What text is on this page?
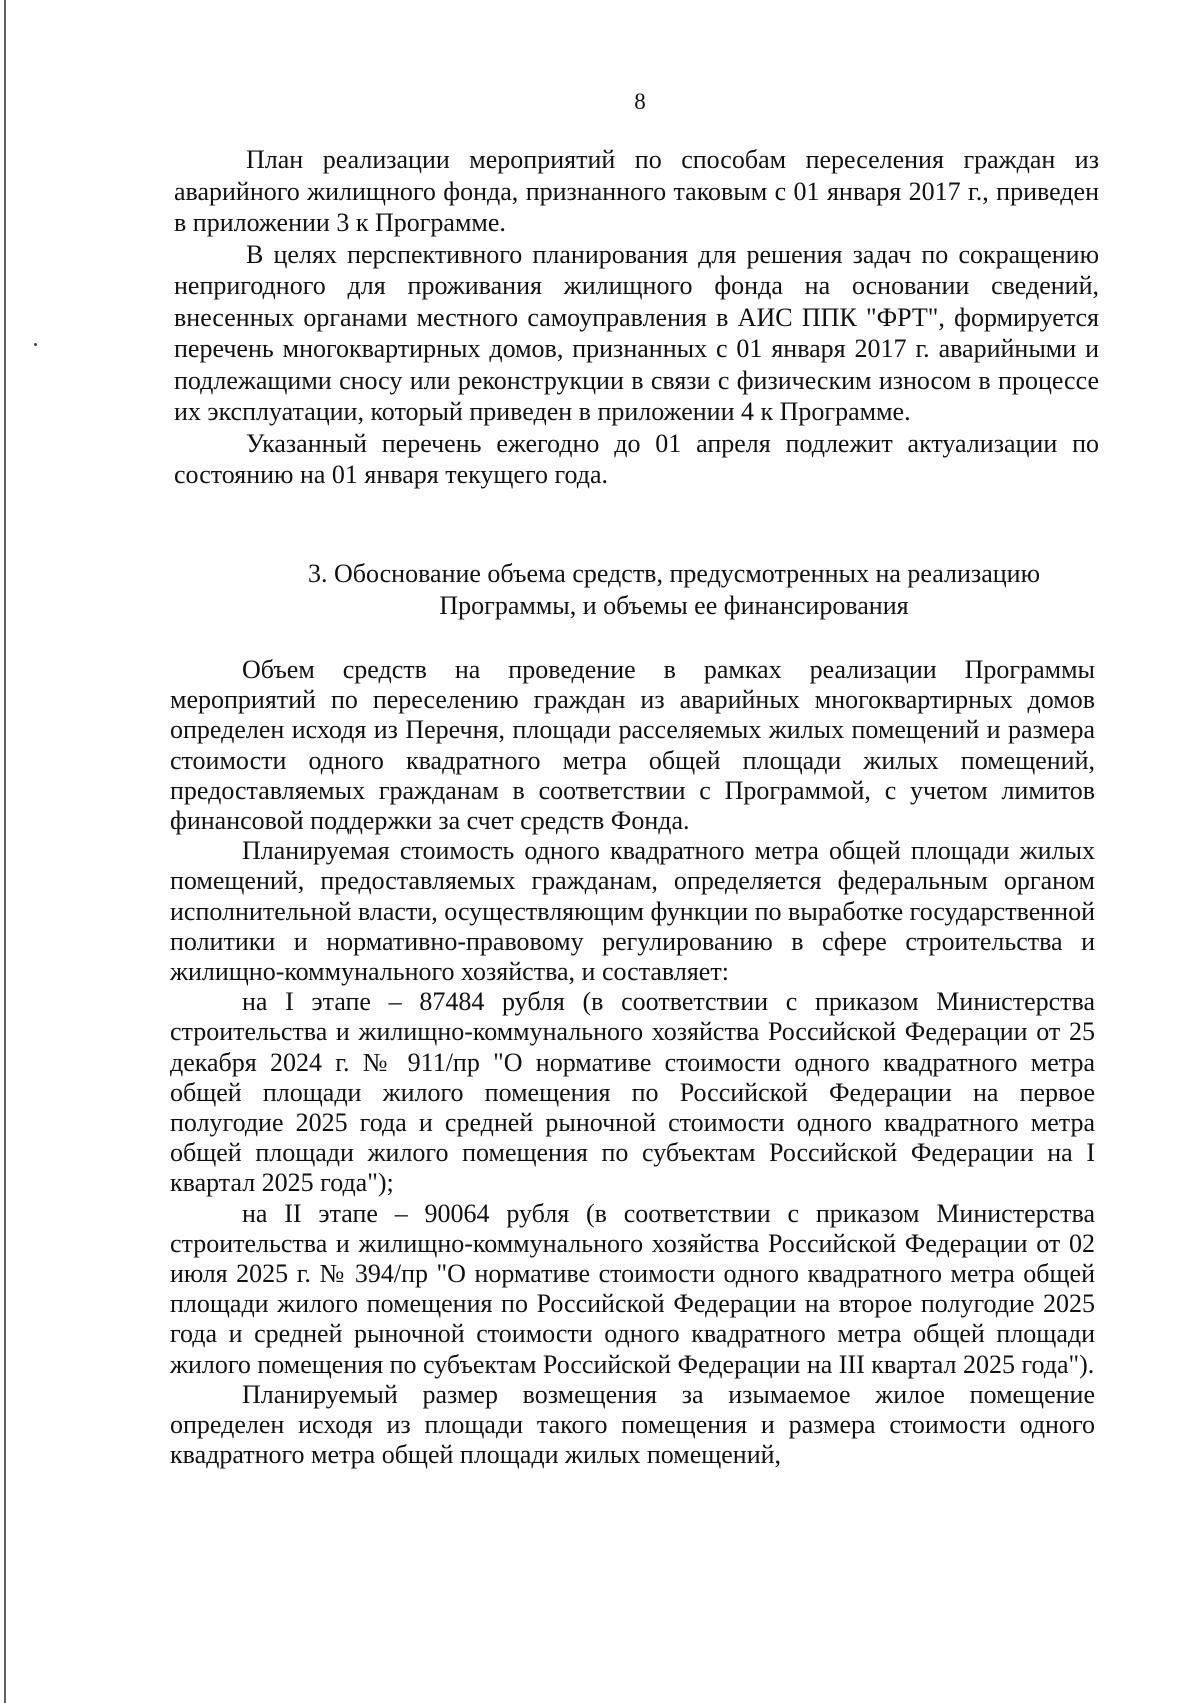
8

План реализации мероприятий по способам переселения граждан из аварийного жилищного фонда, признанного таковым с 01 января 2017 г., приведен в приложении 3 к Программе.

В целях перспективного планирования для решения задач по сокращению непригодного для проживания жилищного фонда на основании сведений, внесенных органами местного самоуправления в АИС ППК "ФРТ", формируется перечень многоквартирных домов, признанных с 01 января 2017 г. аварийными и подлежащими сносу или реконструкции в связи с физическим износом в процессе их эксплуатации, который приведен в приложении 4 к Программе.

Указанный перечень ежегодно до 01 апреля подлежит актуализации по состоянию на 01 января текущего года.

3. Обоснование объема средств, предусмотренных на реализацию
Программы, и объемы ее финансирования

Объем средств на проведение в рамках реализации Программы мероприятий по переселению граждан из аварийных многоквартирных домов определен исходя из Перечня, площади расселяемых жилых помещений и размера стоимости одного квадратного метра общей площади жилых помещений, предоставляемых гражданам в соответствии с Программой, с учетом лимитов финансовой поддержки за счет средств Фонда.

Планируемая стоимость одного квадратного метра общей площади жилых помещений, предоставляемых гражданам, определяется федеральным органом исполнительной власти, осуществляющим функции по выработке государственной политики и нормативно-правовому регулированию в сфере строительства и жилищно-коммунального хозяйства, и составляет:

на I этапе – 87484 рубля (в соответствии с приказом Министерства строительства и жилищно-коммунального хозяйства Российской Федерации от 25 декабря 2024 г. № 911/пр "О нормативе стоимости одного квадратного метра общей площади жилого помещения по Российской Федерации на первое полугодие 2025 года и средней рыночной стоимости одного квадратного метра общей площади жилого помещения по субъектам Российской Федерации на I квартал 2025 года");

на II этапе – 90064 рубля (в соответствии с приказом Министерства строительства и жилищно-коммунального хозяйства Российской Федерации от 02 июля 2025 г. № 394/пр "О нормативе стоимости одного квадратного метра общей площади жилого помещения по Российской Федерации на второе полугодие 2025 года и средней рыночной стоимости одного квадратного метра общей площади жилого помещения по субъектам Российской Федерации на III квартал 2025 года").

Планируемый размер возмещения за изымаемое жилое помещение определен исходя из площади такого помещения и размера стоимости одного квадратного метра общей площади жилых помещений,
